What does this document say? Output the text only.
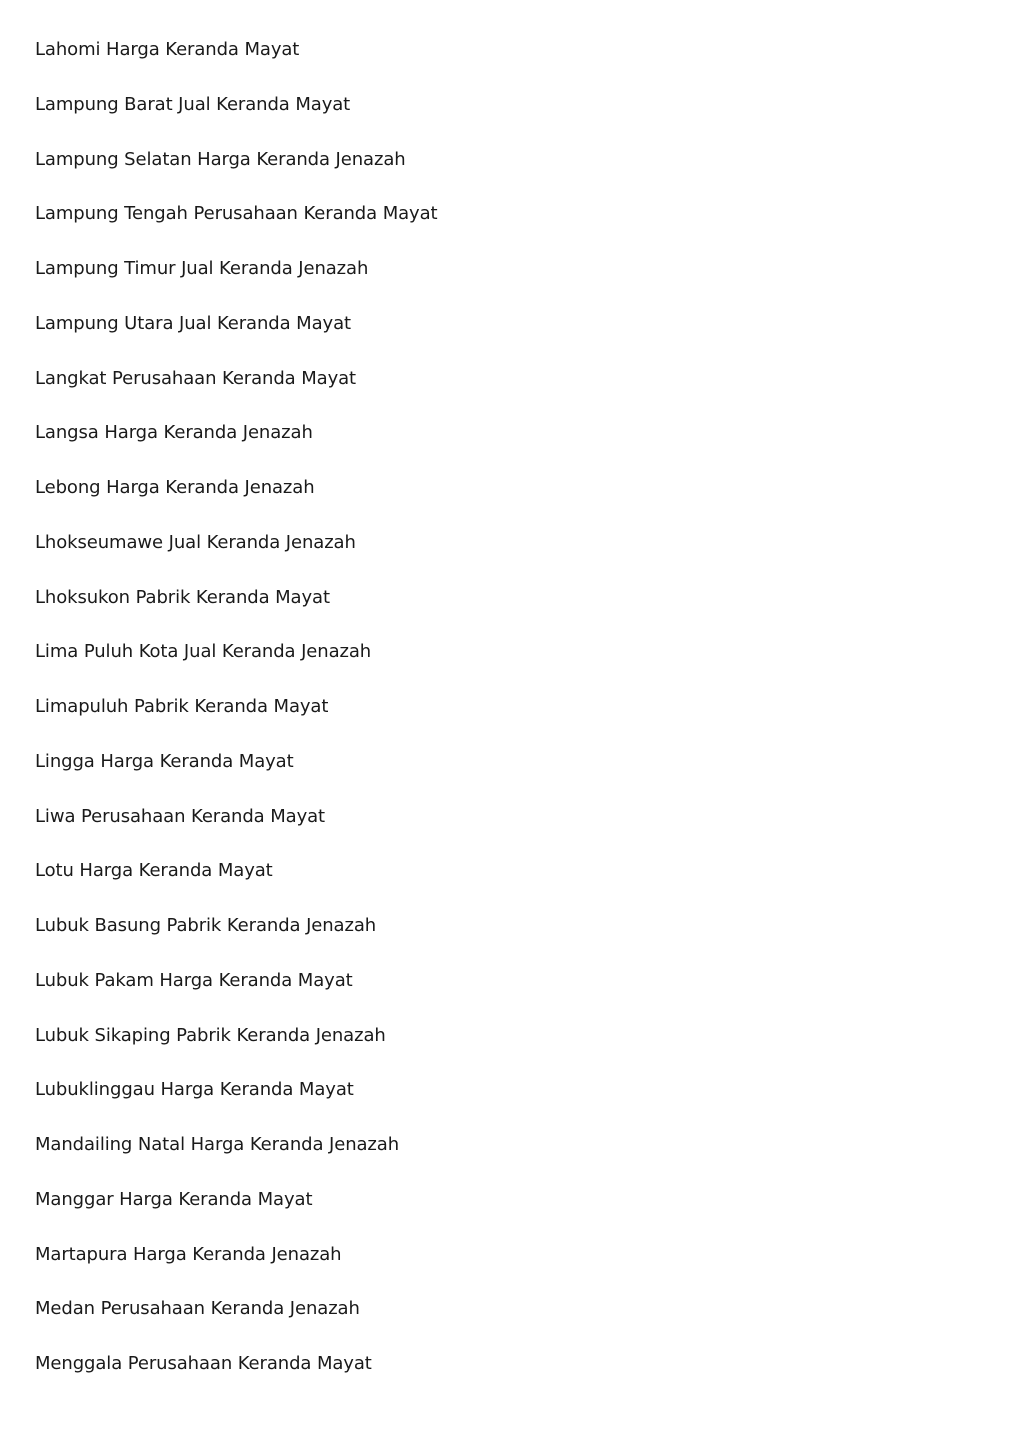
Lahomi Harga Keranda Mayat
Lampung Barat Jual Keranda Mayat
Lampung Selatan Harga Keranda Jenazah
Lampung Tengah Perusahaan Keranda Mayat
Lampung Timur Jual Keranda Jenazah
Lampung Utara Jual Keranda Mayat
Langkat Perusahaan Keranda Mayat
Langsa Harga Keranda Jenazah
Lebong Harga Keranda Jenazah
Lhokseumawe Jual Keranda Jenazah
Lhoksukon Pabrik Keranda Mayat
Lima Puluh Kota Jual Keranda Jenazah
Limapuluh Pabrik Keranda Mayat
Lingga Harga Keranda Mayat
Liwa Perusahaan Keranda Mayat
Lotu Harga Keranda Mayat
Lubuk Basung Pabrik Keranda Jenazah
Lubuk Pakam Harga Keranda Mayat
Lubuk Sikaping Pabrik Keranda Jenazah
Lubuklinggau Harga Keranda Mayat
Mandailing Natal Harga Keranda Jenazah
Manggar Harga Keranda Mayat
Martapura Harga Keranda Jenazah
Medan Perusahaan Keranda Jenazah
Menggala Perusahaan Keranda Mayat
